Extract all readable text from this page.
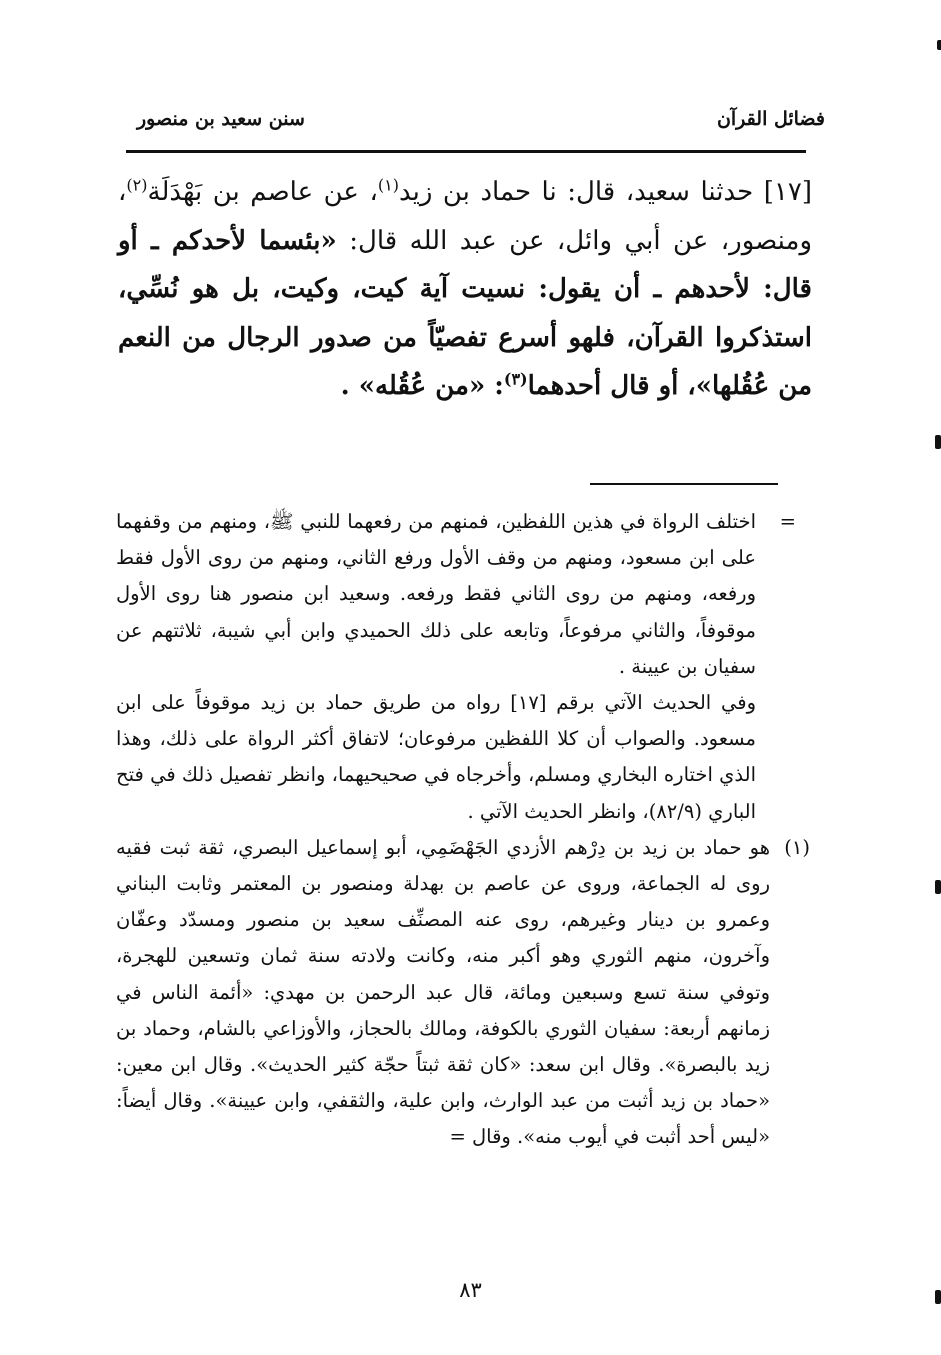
فضائل القرآن
سنن سعيد بن منصور

[١٧] حدثنا سعيد، قال: نا حماد بن زيد$^{(١)}$، عن عاصم بن بَهْدَلَة$^{(٢)}$، ومنصور، عن أبي وائل، عن عبد الله قال: «بئسما لأحدكم ـ أو قال: لأحدهم ـ أن يقول: نسيت آية كيت، وكيت، بل هو نُسِّي، استذكروا القرآن، فلهو أسرع تفصيّاً من صدور الرجال من النعم من عُقُلها»، أو قال أحدهما$^{(٣)}$: «من عُقُله» .

=
اختلف الرواة في هذين اللفظين، فمنهم من رفعهما للنبي ﷺ، ومنهم من وقفهما على ابن مسعود، ومنهم من وقف الأول ورفع الثاني، ومنهم من روى الأول فقط ورفعه، ومنهم من روى الثاني فقط ورفعه. وسعيد ابن منصور هنا روى الأول موقوفاً، والثاني مرفوعاً، وتابعه على ذلك الحميدي وابن أبي شيبة، ثلاثتهم عن سفيان بن عيينة .

وفي الحديث الآتي برقم [١٧] رواه من طريق حماد بن زيد موقوفاً على ابن مسعود. والصواب أن كلا اللفظين مرفوعان؛ لاتفاق أكثر الرواة على ذلك، وهذا الذي اختاره البخاري ومسلم، وأخرجاه في صحيحيهما، وانظر تفصيل ذلك في فتح الباري (٨٢/٩)، وانظر الحديث الآتي .

(١)
هو حماد بن زيد بن دِرْهم الأزدي الجَهْضَمِي، أبو إسماعيل البصري، ثقة ثبت فقيه روى له الجماعة، وروى عن عاصم بن بهدلة ومنصور بن المعتمر وثابت البناني وعمرو بن دينار وغيرهم، روى عنه المصنِّف سعيد بن منصور ومسدّد وعفّان وآخرون، منهم الثوري وهو أكبر منه، وكانت ولادته سنة ثمان وتسعين للهجرة، وتوفي سنة تسع وسبعين ومائة، قال عبد الرحمن بن مهدي: «أئمة الناس في زمانهم أربعة: سفيان الثوري بالكوفة، ومالك بالحجاز، والأوزاعي بالشام، وحماد بن زيد بالبصرة». وقال ابن سعد: «كان ثقة ثبتاً حجّة كثير الحديث». وقال ابن معين: «حماد بن زيد أثبت من عبد الوارث، وابن علية، والثقفي، وابن عيينة». وقال أيضاً: «ليس أحد أثبت في أيوب منه». وقال =

٨٣
